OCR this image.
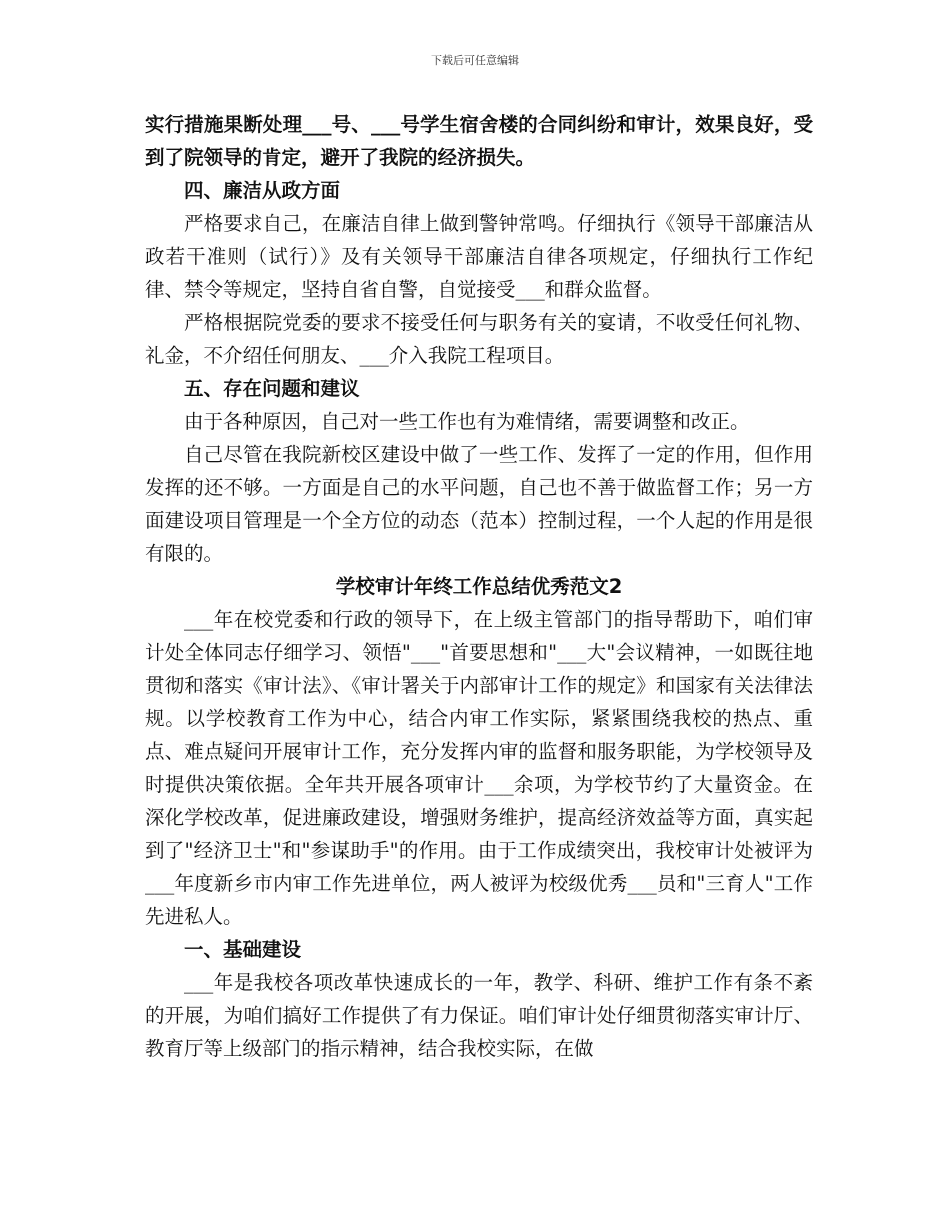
下载后可任意编辑

实行措施果断处理___号、___号学生宿舍楼的合同纠纷和审计，效果良好，受到了院领导的肯定，避开了我院的经济损失。

四、廉洁从政方面

严格要求自己，在廉洁自律上做到警钟常鸣。仔细执行《领导干部廉洁从政若干准则（试行）》及有关领导干部廉洁自律各项规定，仔细执行工作纪律、禁令等规定，坚持自省自警，自觉接受___和群众监督。

严格根据院党委的要求不接受任何与职务有关的宴请，不收受任何礼物、礼金，不介绍任何朋友、___介入我院工程项目。

五、存在问题和建议

由于各种原因，自己对一些工作也有为难情绪，需要调整和改正。

自己尽管在我院新校区建设中做了一些工作、发挥了一定的作用，但作用发挥的还不够。一方面是自己的水平问题，自己也不善于做监督工作；另一方面建设项目管理是一个全方位的动态（范本）控制过程，一个人起的作用是很有限的。

学校审计年终工作总结优秀范文2

___年在校党委和行政的领导下，在上级主管部门的指导帮助下，咱们审计处全体同志仔细学习、领悟"___"首要思想和"___大"会议精神，一如既往地贯彻和落实《审计法》、《审计署关于内部审计工作的规定》和国家有关法律法规。以学校教育工作为中心，结合内审工作实际，紧紧围绕我校的热点、重点、难点疑问开展审计工作，充分发挥内审的监督和服务职能，为学校领导及时提供决策依据。全年共开展各项审计___余项，为学校节约了大量资金。在深化学校改革，促进廉政建设，增强财务维护，提高经济效益等方面，真实起到了"经济卫士"和"参谋助手"的作用。由于工作成绩突出，我校审计处被评为___年度新乡市内审工作先进单位，两人被评为校级优秀___员和"三育人"工作先进私人。

一、基础建设

___年是我校各项改革快速成长的一年，教学、科研、维护工作有条不紊的开展，为咱们搞好工作提供了有力保证。咱们审计处仔细贯彻落实审计厅、教育厅等上级部门的指示精神，结合我校实际，在做
